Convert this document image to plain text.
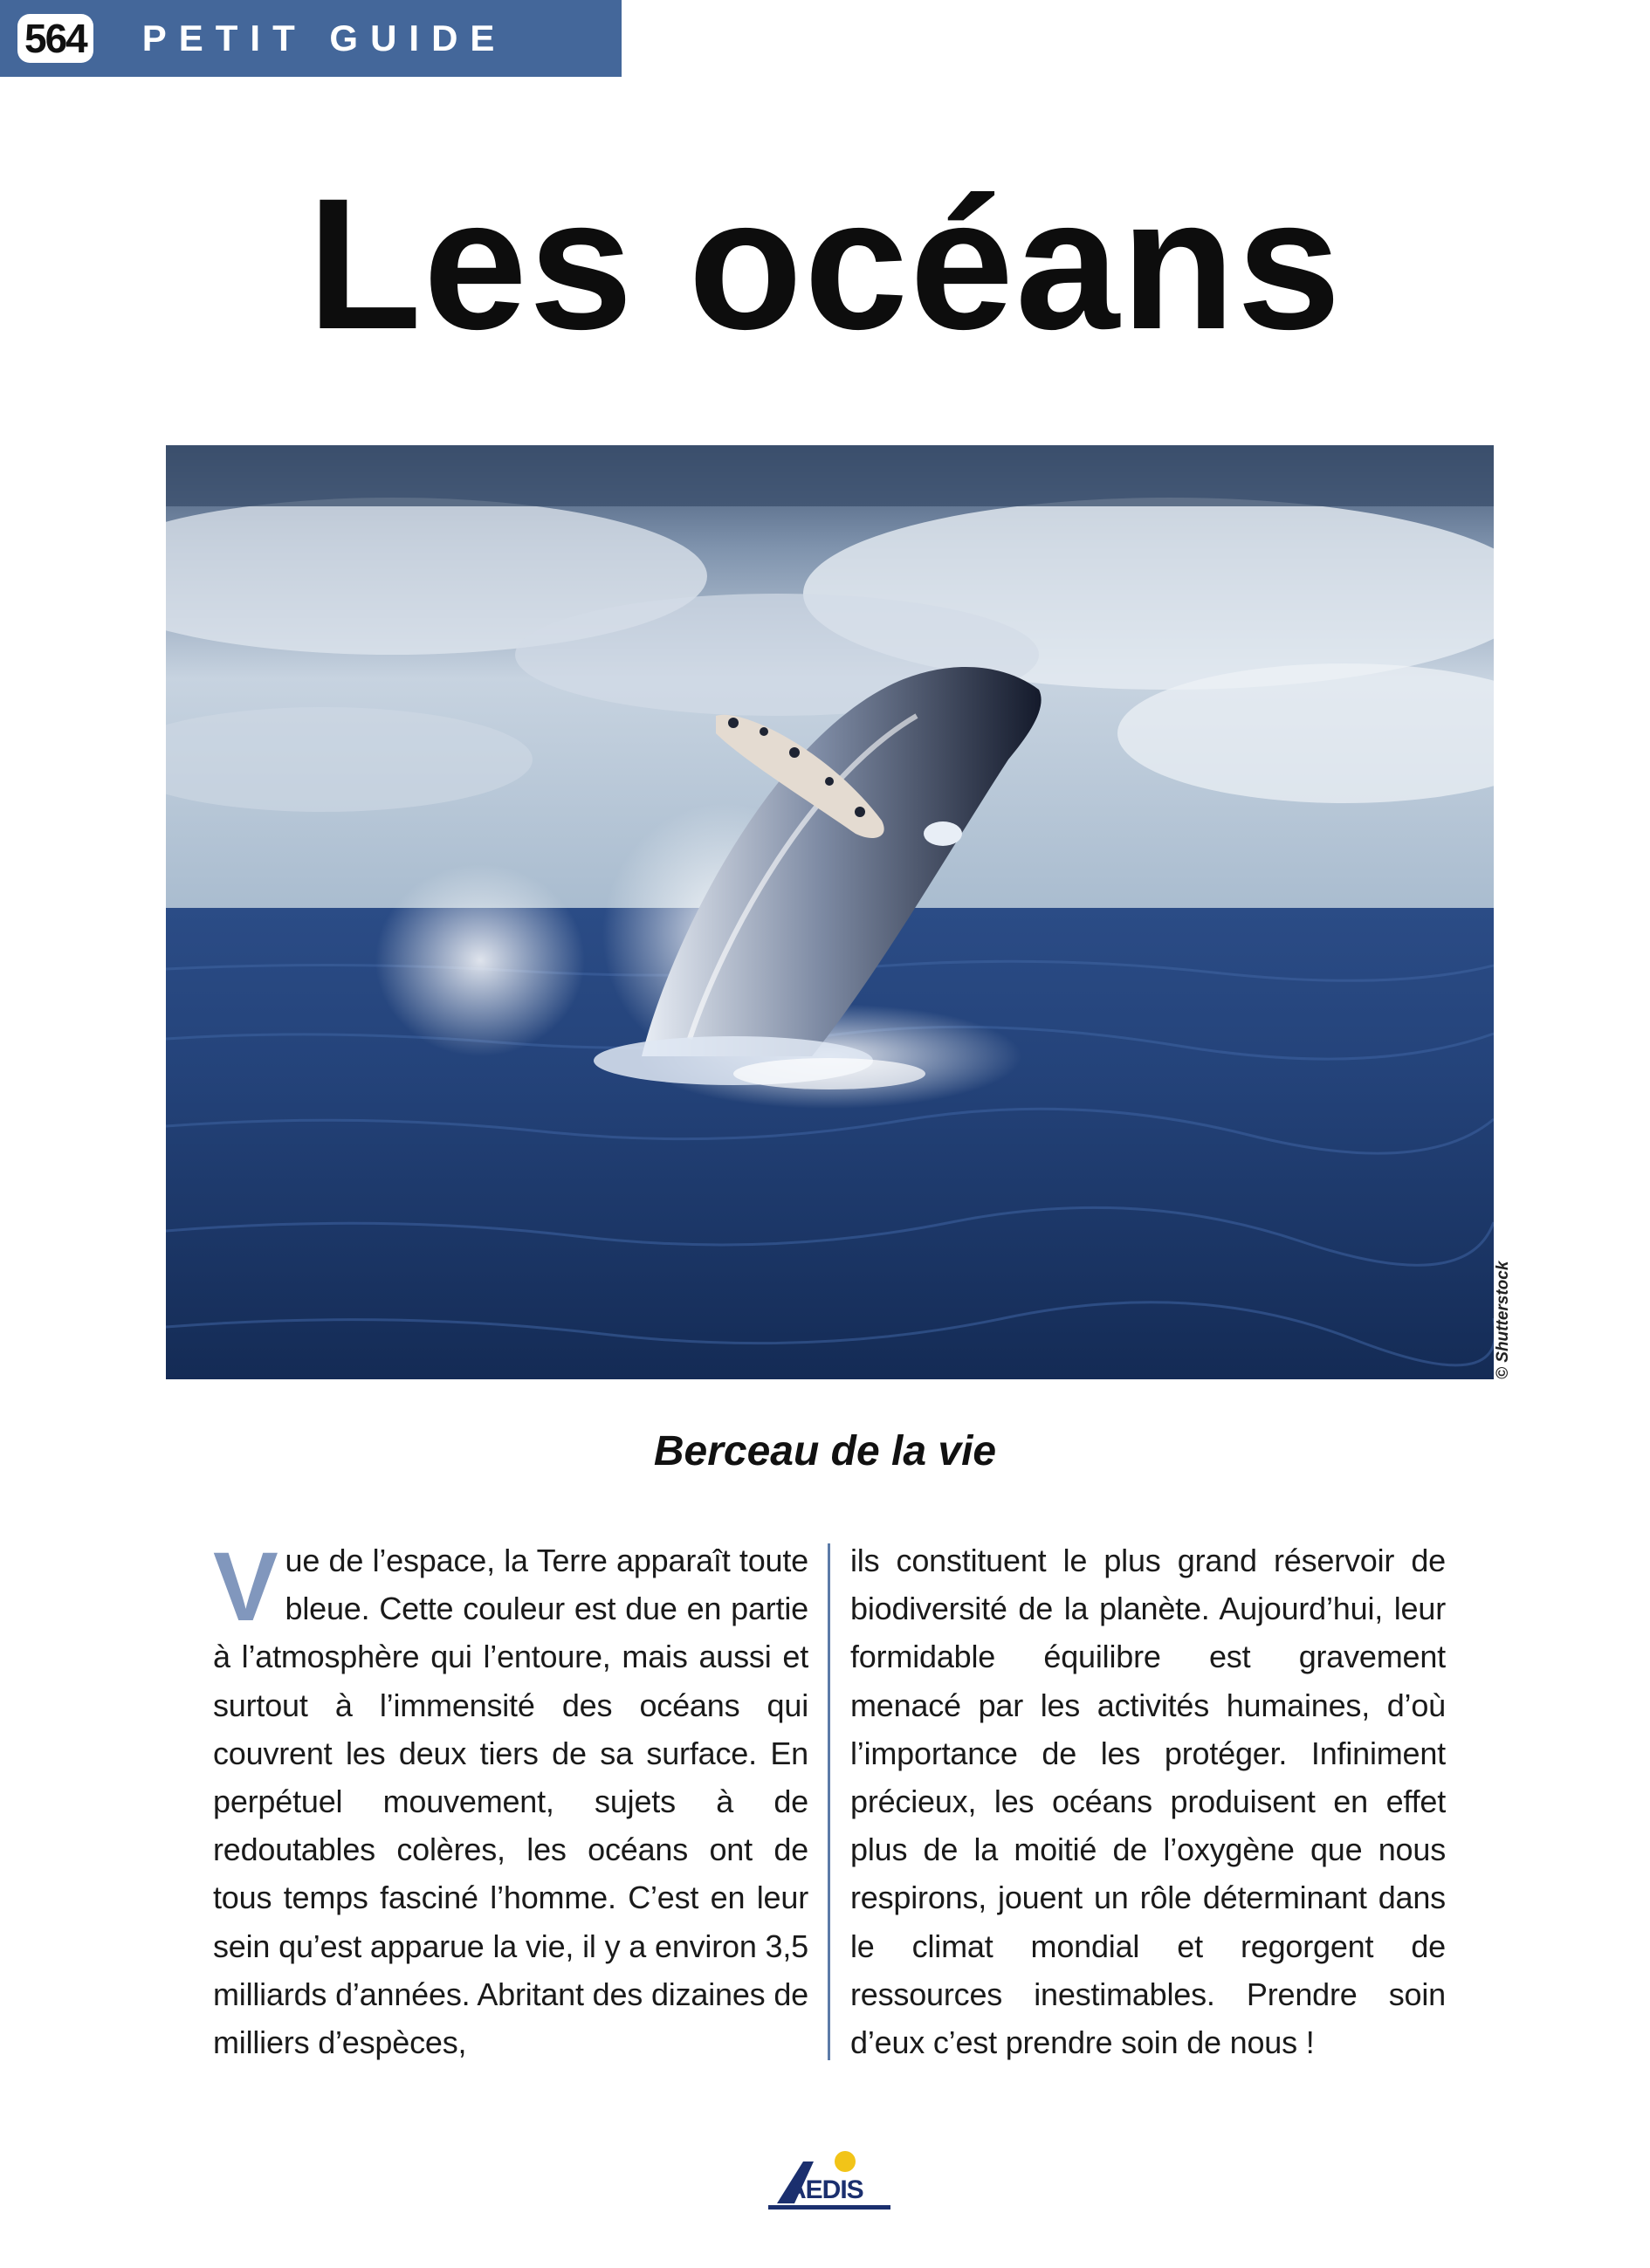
564 PETIT GUIDE
Les océans
© Shutterstock
Berceau de la vie

Vue de l’espace, la Terre apparaît toute bleue. Cette couleur est due en partie à l’atmosphère qui l’entoure, mais aussi et surtout à l’immensité des océans qui couvrent les deux tiers de sa surface. En perpétuel mouvement, sujets à de redoutables colères, les océans ont de tous temps fasciné l’homme. C’est en leur sein qu’est apparue la vie, il y a environ 3,5 milliards d’années. Abritant des dizaines de milliers d’espèces,

ils constituent le plus grand réservoir de biodiversité de la planète. Aujourd’hui, leur formidable équilibre est gravement menacé par les activités humaines, d’où l’importance de les protéger. Infiniment précieux, les océans produisent en effet plus de la moitié de l’oxygène que nous respirons, jouent un rôle déterminant dans le climat mondial et regorgent de ressources inestimables. Prendre soin d’eux c’est prendre soin de nous !

AEDIS
